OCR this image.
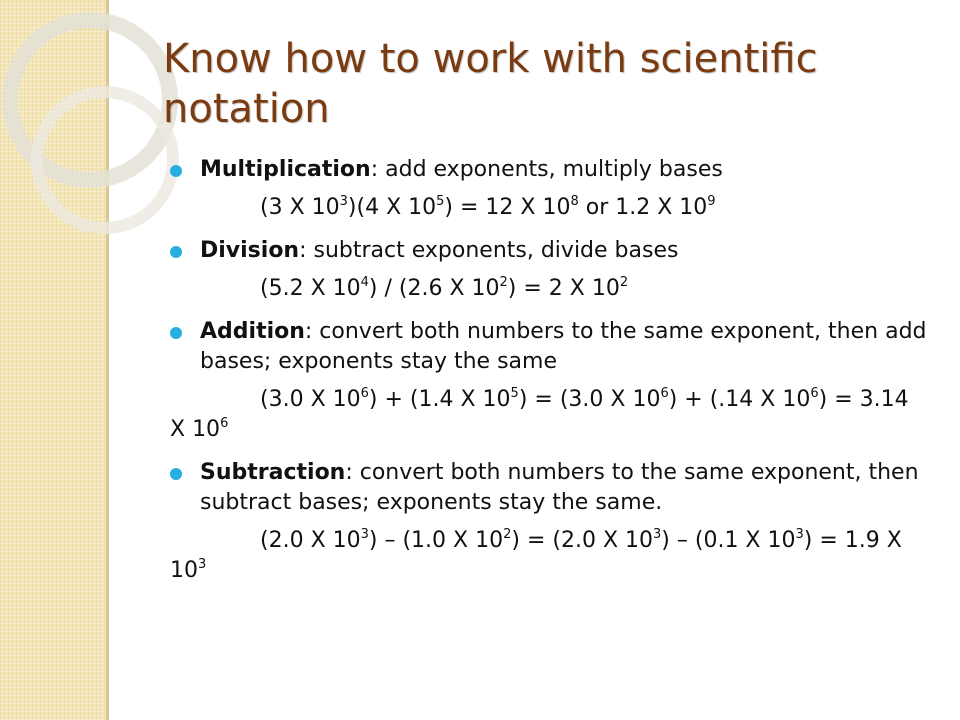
Know how to work with scientific notation
Multiplication: add exponents, multiply bases
(3 X $10^3)(4$ X $10^5) = 12$ X $10^8$ or 1.2 X $10^9$
Division: subtract exponents, divide bases
(5.2 X $10^4) / (2.6$ X $10^2) = 2$ X $10^2$
Addition: convert both numbers to the same exponent, then add bases; exponents stay the same
(3.0 X $10^6) + (1.4$ X $10^5) = (3.0$ X $10^6) + (.14$ X $10^6) = 3.14$ X $10^6$
Subtraction: convert both numbers to the same exponent, then subtract bases; exponents stay the same.
(2.0 X $10^3) - (1.0$ X $10^2) = (2.0$ X $10^3) - (0.1$ X $10^3) = 1.9$ X $10^3$
